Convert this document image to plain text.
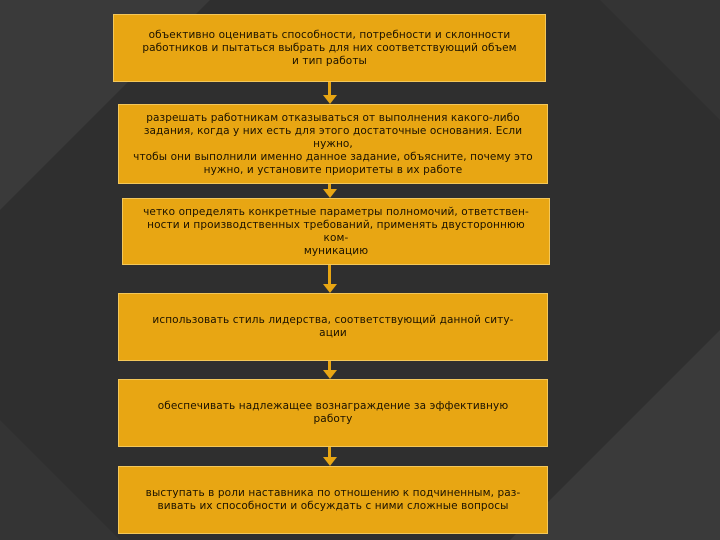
объективно оценивать способности, потребности и склонности
работников и пытаться выбрать для них соответствующий объем
и тип работы
разрешать работникам отказываться от выполнения какого-либо
задания, когда у них есть для этого достаточные основания. Если нужно,
чтобы они выполнили именно данное задание, объясните, почему это
нужно, и установите приоритеты в их работе
четко определять конкретные параметры полномочий, ответствен-
ности и производственных требований, применять двустороннюю ком-
муникацию
использовать стиль лидерства, соответствующий данной ситу-
ации
обеспечивать надлежащее вознаграждение за эффективную
работу
выступать в роли наставника по отношению к подчиненным, раз-
вивать их способности и обсуждать с ними сложные вопросы
